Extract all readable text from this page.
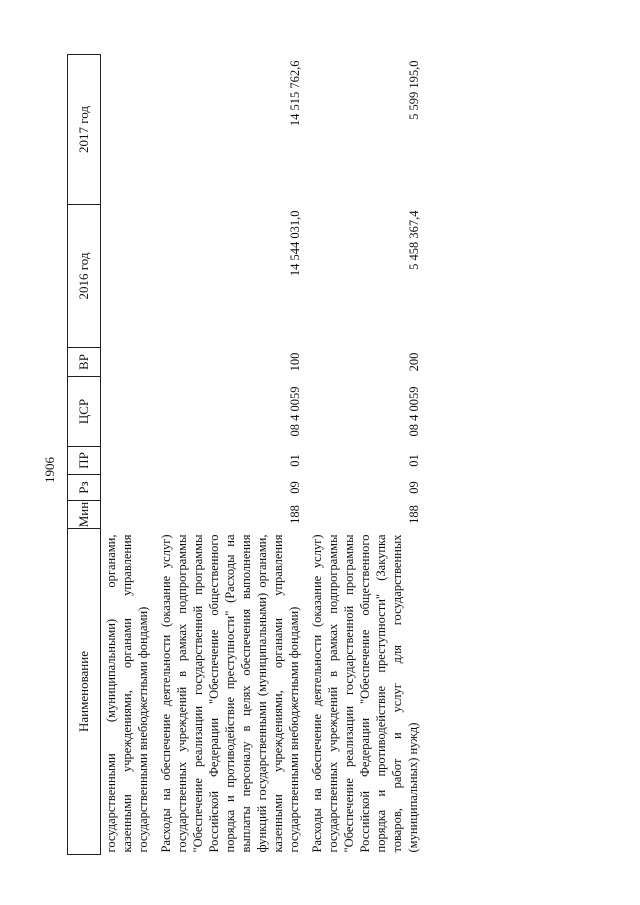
1906
Наименование	Мин	Рз	ПР	ЦСР	ВР	2016 год	2017 год
государственными (муниципальными) органами, казенными учреждениями, органами управления государственными внебюджетными фондами)							
Расходы на обеспечение деятельности (оказание услуг) государственных учреждений в рамках подпрограммы "Обеспечение реализации государственной программы Российской Федерации "Обеспечение общественного порядка и противодействие преступности" (Расходы на выплаты персоналу в целях обеспечения выполнения функций государственными (муниципальными) органами, казенными учреждениями, органами управления государственными внебюджетными фондами)	188	09	01	08 4 0059	100	14 544 031,0	14 515 762,6
Расходы на обеспечение деятельности (оказание услуг) государственных учреждений в рамках подпрограммы "Обеспечение реализации государственной программы Российской Федерации "Обеспечение общественного порядка и противодействие преступности" (Закупка товаров, работ и услуг для государственных (муниципальных) нужд)	188	09	01	08 4 0059	200	5 458 367,4	5 599 195,0
